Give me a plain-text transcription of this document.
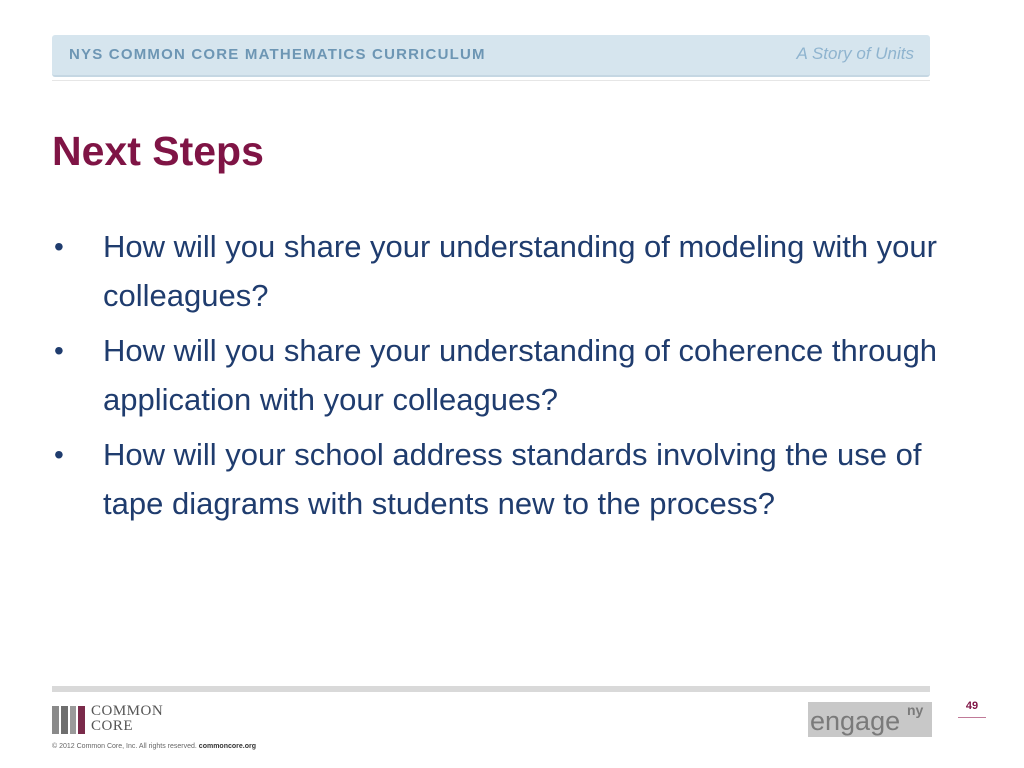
NYS COMMON CORE MATHEMATICS CURRICULUM	A Story of Units
Next Steps
• How will you share your understanding of modeling with your colleagues?
• How will you share your understanding of coherence through application with your colleagues?
• How will your school address standards involving the use of tape diagrams with students new to the process?
COMMON
CORE
© 2012 Common Core, Inc. All rights reserved. commoncore.org
engage ny	49
